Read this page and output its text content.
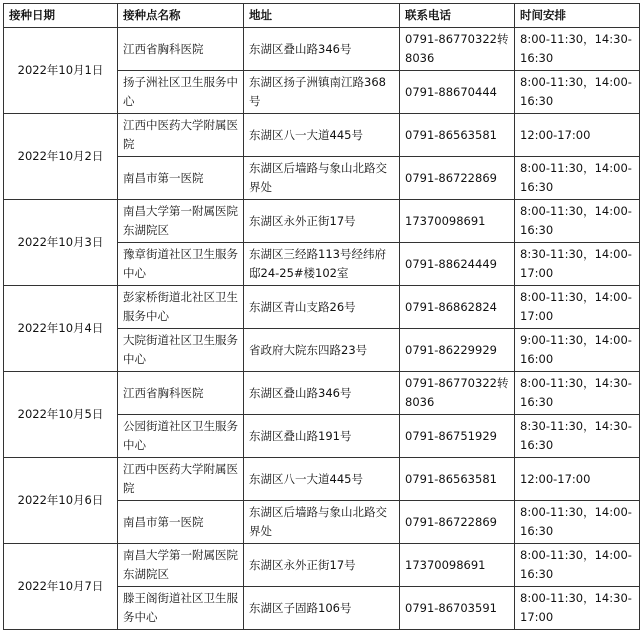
接种日期	接种点名称	地址	联系电话	时间安排
2022年10月1日	江西省胸科医院	东湖区叠山路346号	0791-86770322转8036	8:00-11:30，14:30-16:30
	扬子洲社区卫生服务中心	东湖区扬子洲镇南江路368号	0791-88670444	8:00-11:30，14:00-16:30
2022年10月2日	江西中医药大学附属医院	东湖区八一大道445号	0791-86563581	12:00-17:00
	南昌市第一医院	东湖区后墙路与象山北路交界处	0791-86722869	8:00-11:30，14:00-16:30
2022年10月3日	南昌大学第一附属医院东湖院区	东湖区永外正街17号	17370098691	8:00-11:30，14:00-16:30
	豫章街道社区卫生服务中心	东湖区三经路113号经纬府邸24-25#楼102室	0791-88624449	8:30-11:30，14:00-17:00
2022年10月4日	彭家桥街道北社区卫生服务中心	东湖区青山支路26号	0791-86862824	8:00-11:30，14:00-17:00
	大院街道社区卫生服务中心	省政府大院东四路23号	0791-86229929	9:00-11:30，14:00-16:00
2022年10月5日	江西省胸科医院	东湖区叠山路346号	0791-86770322转8036	8:00-11:30，14:30-16:30
	公园街道社区卫生服务中心	东湖区叠山路191号	0791-86751929	8:30-11:30，14:30-16:30
2022年10月6日	江西中医药大学附属医院	东湖区八一大道445号	0791-86563581	12:00-17:00
	南昌市第一医院	东湖区后墙路与象山北路交界处	0791-86722869	8:00-11:30，14:00-16:30
2022年10月7日	南昌大学第一附属医院东湖院区	东湖区永外正街17号	17370098691	8:00-11:30，14:00-16:30
	滕王阁街道社区卫生服务中心	东湖区子固路106号	0791-86703591	8:00-11:30，14:30-17:00
